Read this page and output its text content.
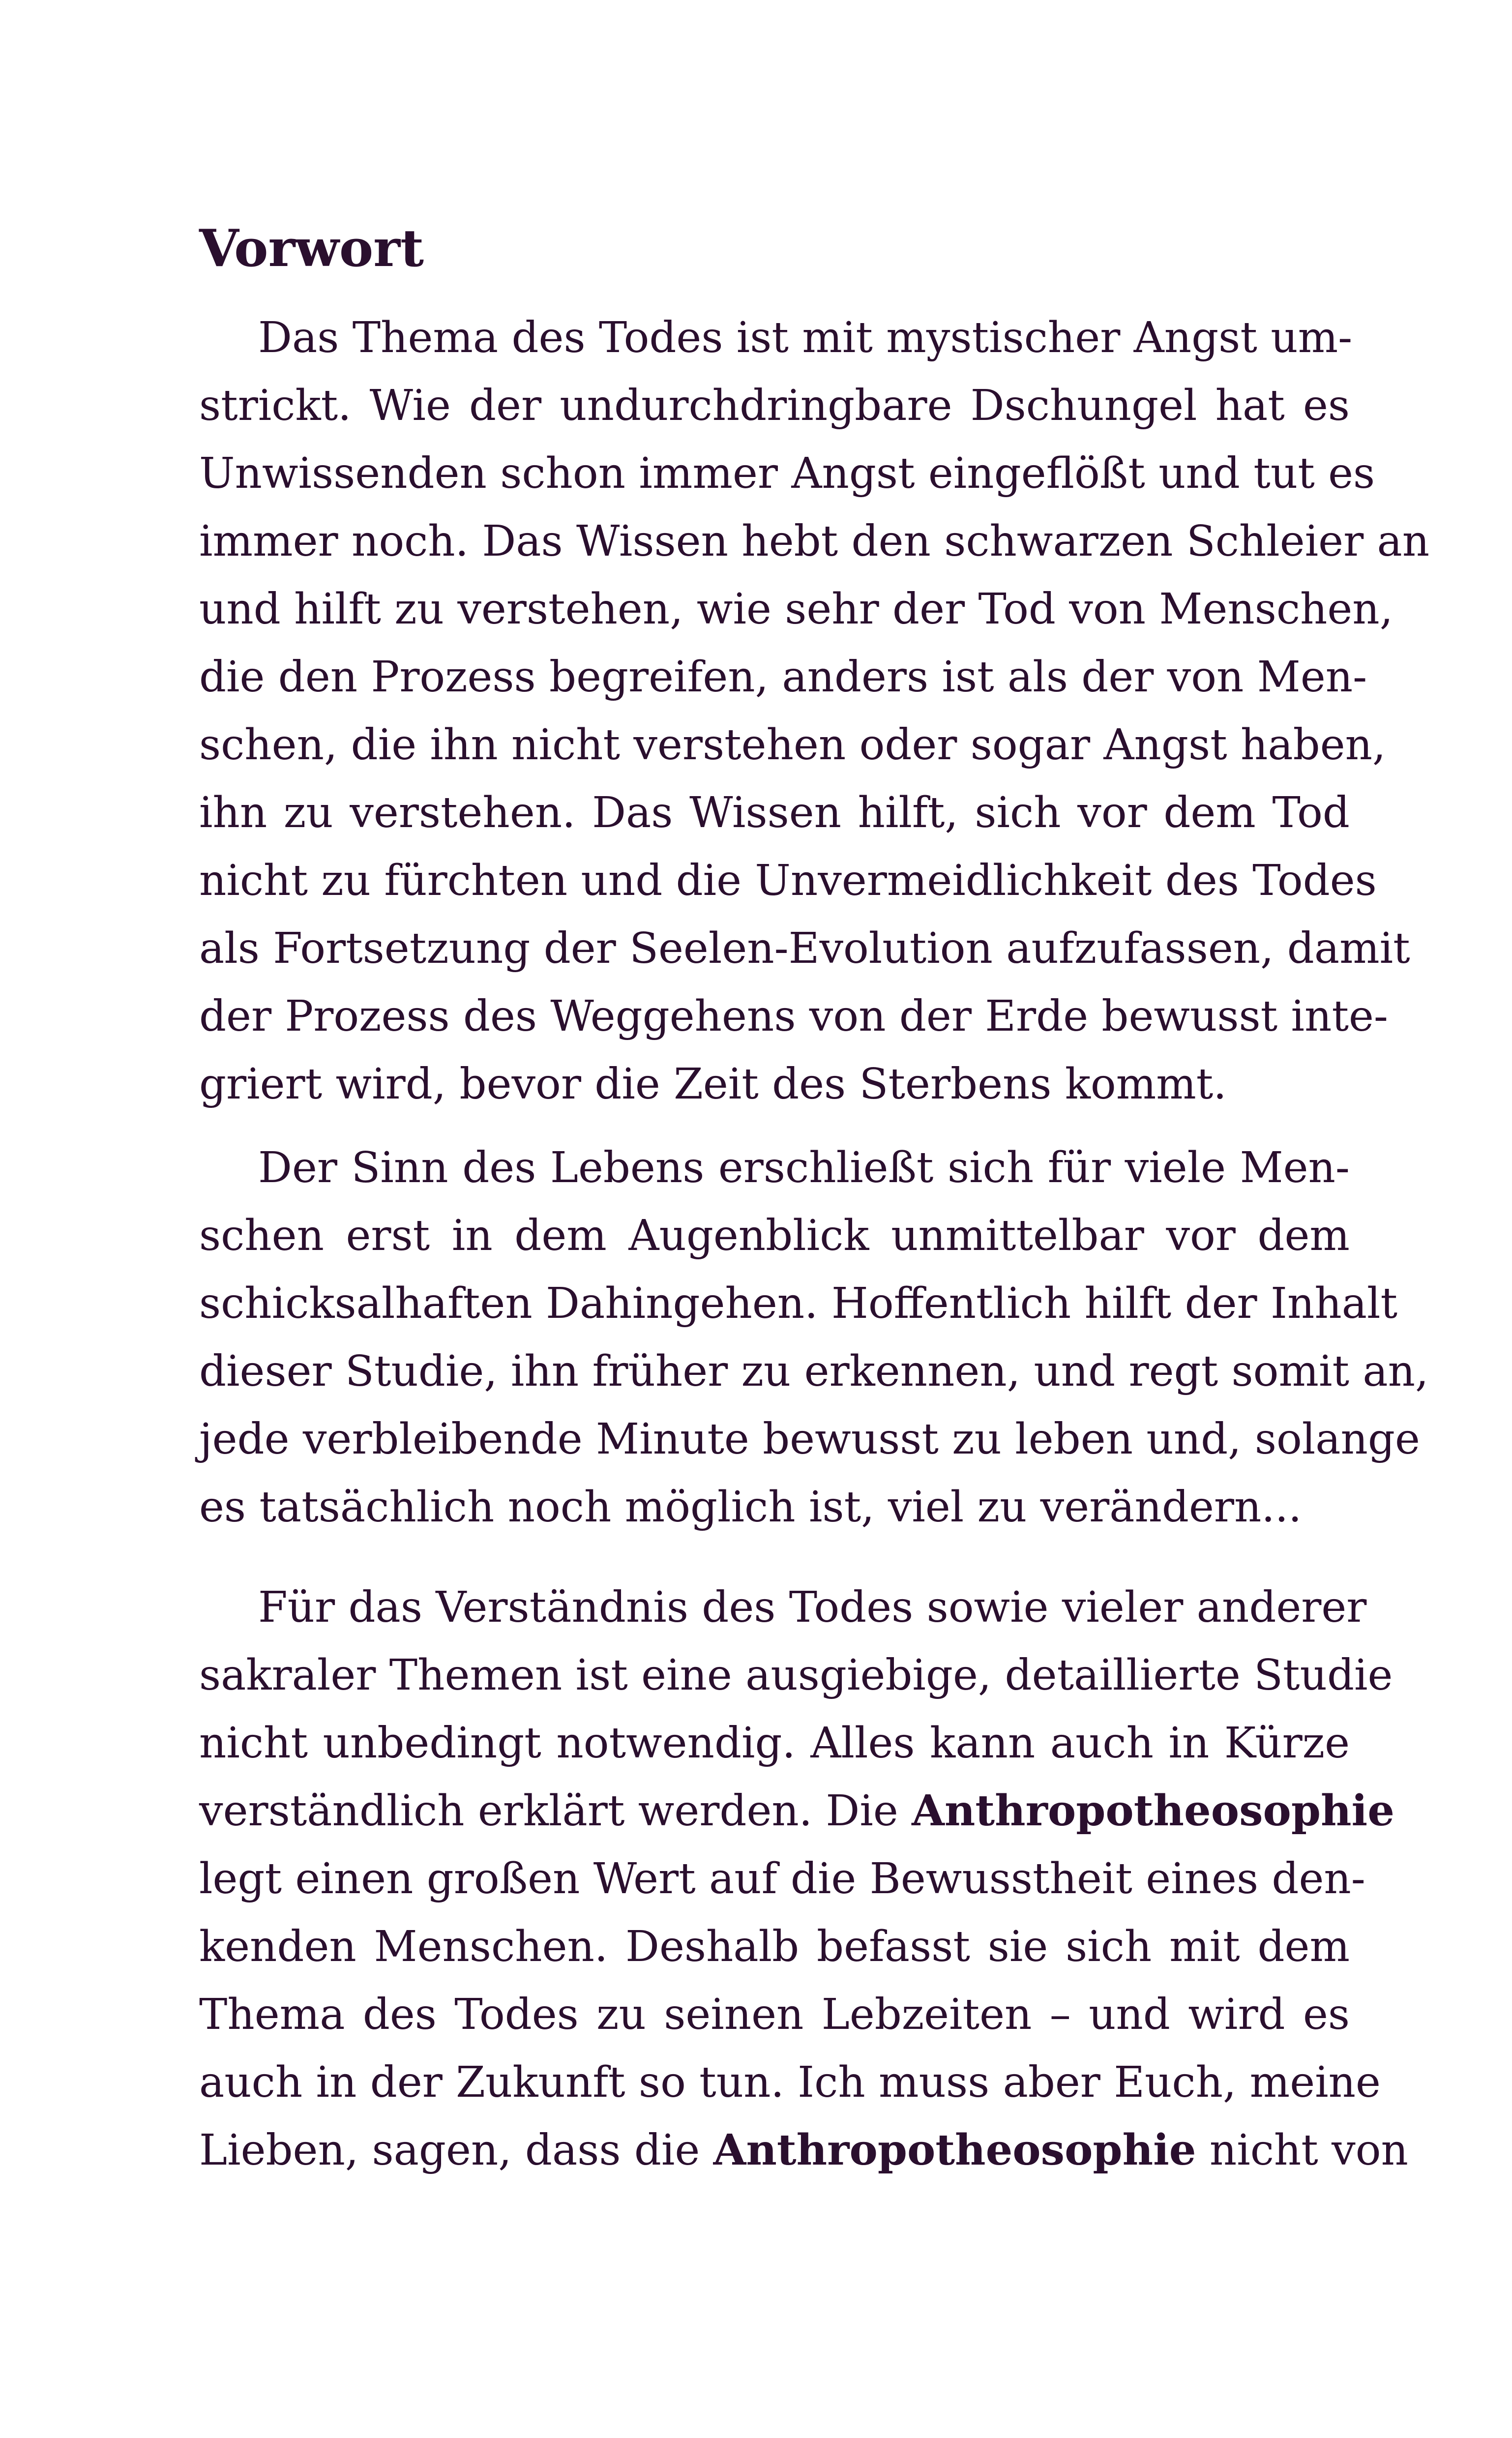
Vorwort
Das Thema des Todes ist mit mystischer Angst um-
strickt. Wie der undurchdringbare Dschungel hat es
Unwissenden schon immer Angst eingeflößt und tut es
immer noch. Das Wissen hebt den schwarzen Schleier an
und hilft zu verstehen, wie sehr der Tod von Menschen,
die den Prozess begreifen, anders ist als der von Men-
schen, die ihn nicht verstehen oder sogar Angst haben,
ihn zu verstehen. Das Wissen hilft, sich vor dem Tod
nicht zu fürchten und die Unvermeidlichkeit des Todes
als Fortsetzung der Seelen-Evolution aufzufassen, damit
der Prozess des Weggehens von der Erde bewusst inte-
griert wird, bevor die Zeit des Sterbens kommt.
Der Sinn des Lebens erschließt sich für viele Men-
schen erst in dem Augenblick unmittelbar vor dem
schicksalhaften Dahingehen. Hoffentlich hilft der Inhalt
dieser Studie, ihn früher zu erkennen, und regt somit an,
jede verbleibende Minute bewusst zu leben und, solange
es tatsächlich noch möglich ist, viel zu verändern...
Für das Verständnis des Todes sowie vieler anderer
sakraler Themen ist eine ausgiebige, detaillierte Studie
nicht unbedingt notwendig. Alles kann auch in Kürze
verständlich erklärt werden. Die Anthropotheosophie
legt einen großen Wert auf die Bewusstheit eines den-
kenden Menschen. Deshalb befasst sie sich mit dem
Thema des Todes zu seinen Lebzeiten – und wird es
auch in der Zukunft so tun. Ich muss aber Euch, meine
Lieben, sagen, dass die Anthropotheosophie nicht von
